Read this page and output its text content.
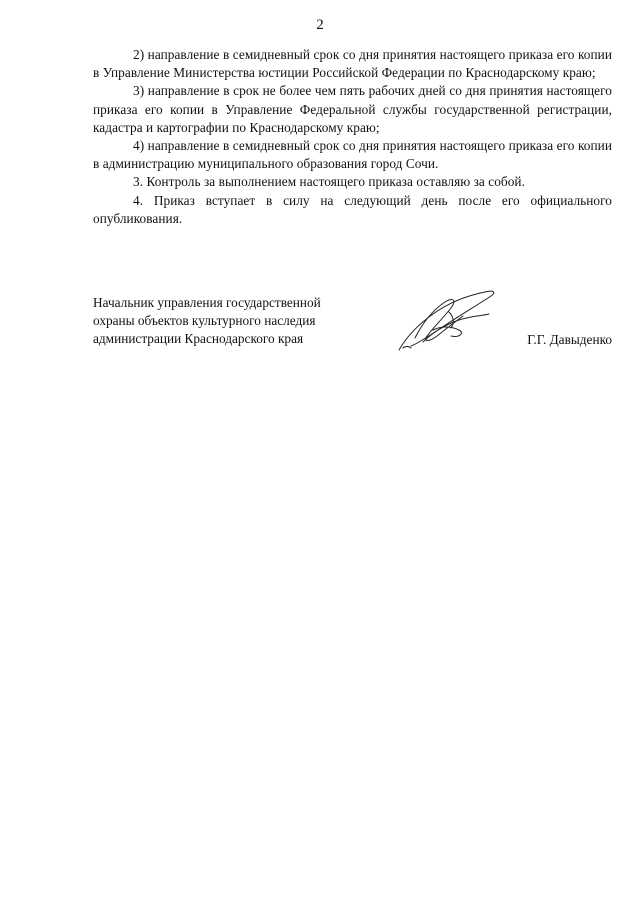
2

2) направление в семидневный срок со дня принятия настоящего приказа его копии в Управление Министерства юстиции Российской Федерации по Краснодарскому краю;

3) направление в срок не более чем пять рабочих дней со дня принятия настоящего приказа его копии в Управление Федеральной службы государственной регистрации, кадастра и картографии по Краснодарскому краю;

4) направление в семидневный срок со дня принятия настоящего приказа его копии в администрацию муниципального образования город Сочи.

3. Контроль за выполнением настоящего приказа оставляю за собой.

4. Приказ вступает в силу на следующий день после его официального опубликования.

Начальник управления государственной
охраны объектов культурного наследия
администрации Краснодарского края	Г.Г. Давыденко
